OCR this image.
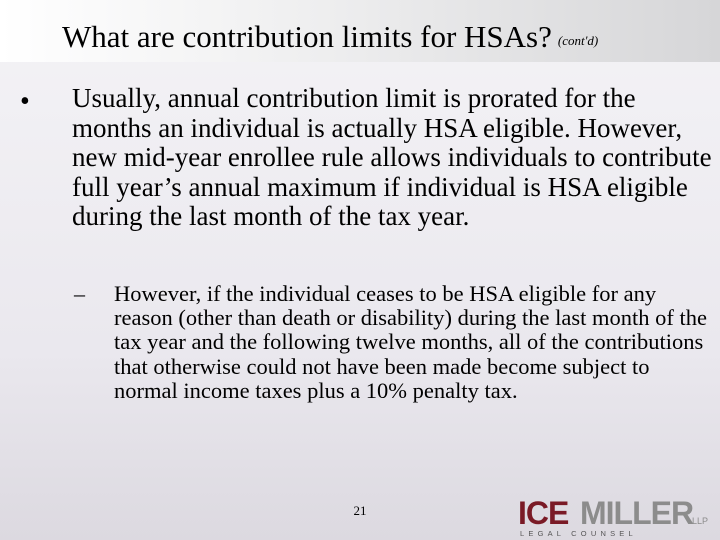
What are contribution limits for HSAs? (cont'd)
• Usually, annual contribution limit is prorated for the months an individual is actually HSA eligible. However, new mid-year enrollee rule allows individuals to contribute full year’s annual maximum if individual is HSA eligible during the last month of the tax year.
– However, if the individual ceases to be HSA eligible for any reason (other than death or disability) during the last month of the tax year and the following twelve months, all of the contributions that otherwise could not have been made become subject to normal income taxes plus a 10% penalty tax.
21	ICE MILLER
LLP
LEGAL COUNSEL
